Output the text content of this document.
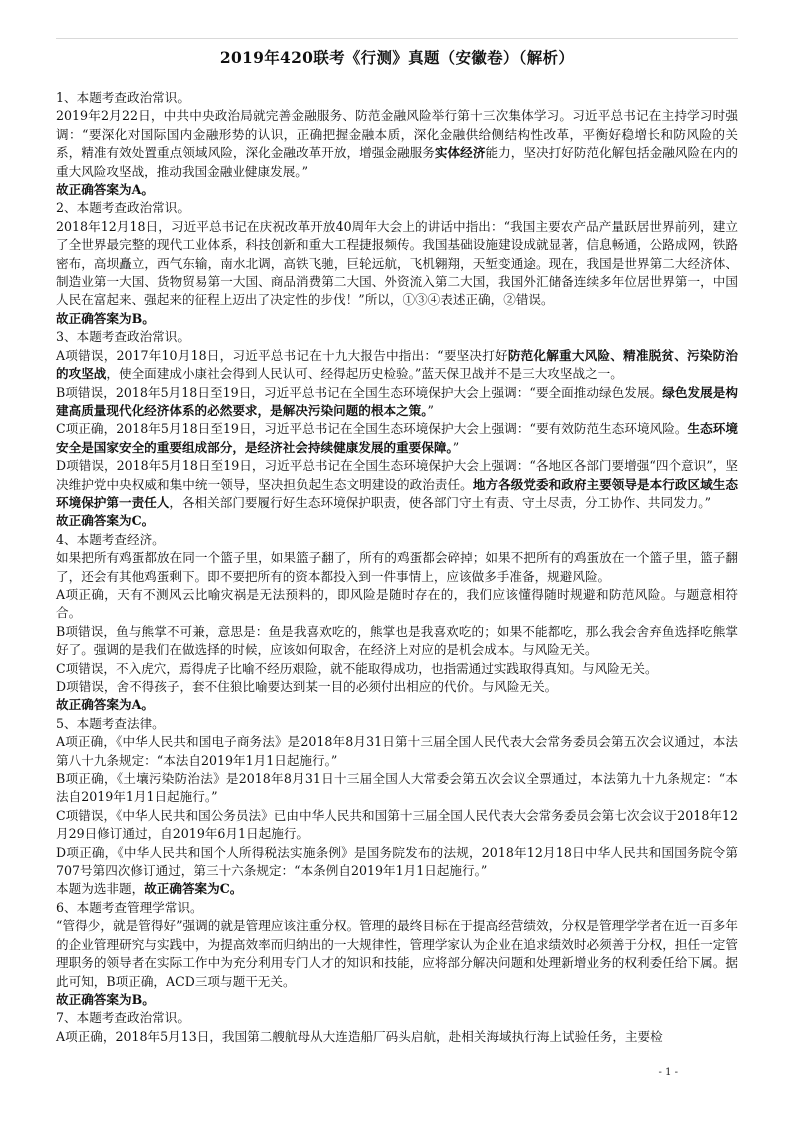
2019年420联考《行测》真题（安徽卷）（解析）

1、本题考查政治常识。

2019年2月22日，中共中央政治局就完善金融服务、防范金融风险举行第十三次集体学习。习近平总书记在主持学习时强调：“要深化对国际国内金融形势的认识，正确把握金融本质，深化金融供给侧结构性改革，平衡好稳增长和防风险的关系，精准有效处置重点领域风险，深化金融改革开放，增强金融服务实体经济能力，坚决打好防范化解包括金融风险在内的重大风险攻坚战，推动我国金融业健康发展。”

故正确答案为A。

2、本题考查政治常识。

2018年12月18日，习近平总书记在庆祝改革开放40周年大会上的讲话中指出：“我国主要农产品产量跃居世界前列，建立了全世界最完整的现代工业体系，科技创新和重大工程捷报频传。我国基础设施建设成就显著，信息畅通，公路成网，铁路密布，高坝矗立，西气东输，南水北调，高铁飞驰，巨轮远航，飞机翱翔，天堑变通途。现在，我国是世界第二大经济体、制造业第一大国、货物贸易第一大国、商品消费第二大国、外资流入第二大国，我国外汇储备连续多年位居世界第一，中国人民在富起来、强起来的征程上迈出了决定性的步伐！”所以，①③④表述正确，②错误。

故正确答案为B。

3、本题考查政治常识。

A项错误，2017年10月18日，习近平总书记在十九大报告中指出：“要坚决打好防范化解重大风险、精准脱贫、污染防治的攻坚战，使全面建成小康社会得到人民认可、经得起历史检验。”蓝天保卫战并不是三大攻坚战之一。

B项错误，2018年5月18日至19日，习近平总书记在全国生态环境保护大会上强调：“要全面推动绿色发展。绿色发展是构建高质量现代化经济体系的必然要求，是解决污染问题的根本之策。”

C项正确，2018年5月18日至19日，习近平总书记在全国生态环境保护大会上强调：“要有效防范生态环境风险。生态环境安全是国家安全的重要组成部分，是经济社会持续健康发展的重要保障。”

D项错误，2018年5月18日至19日，习近平总书记在全国生态环境保护大会上强调：“各地区各部门要增强“四个意识”，坚决维护党中央权威和集中统一领导，坚决担负起生态文明建设的政治责任。地方各级党委和政府主要领导是本行政区域生态环境保护第一责任人，各相关部门要履行好生态环境保护职责，使各部门守土有责、守土尽责，分工协作、共同发力。”

故正确答案为C。

4、本题考查经济。

如果把所有鸡蛋都放在同一个篮子里，如果篮子翻了，所有的鸡蛋都会碎掉；如果不把所有的鸡蛋放在一个篮子里，篮子翻了，还会有其他鸡蛋剩下。即不要把所有的资本都投入到一件事情上，应该做多手准备，规避风险。

A项正确，天有不测风云比喻灾祸是无法预料的，即风险是随时存在的，我们应该懂得随时规避和防范风险。与题意相符合。

B项错误，鱼与熊掌不可兼，意思是：鱼是我喜欢吃的，熊掌也是我喜欢吃的；如果不能都吃，那么我会舍弃鱼选择吃熊掌好了。强调的是我们在做选择的时候，应该如何取舍，在经济上对应的是机会成本。与风险无关。

C项错误，不入虎穴，焉得虎子比喻不经历艰险，就不能取得成功，也指需通过实践取得真知。与风险无关。

D项错误，舍不得孩子，套不住狼比喻要达到某一目的必须付出相应的代价。与风险无关。

故正确答案为A。

5、本题考查法律。

A项正确，《中华人民共和国电子商务法》是2018年8月31日第十三届全国人民代表大会常务委员会第五次会议通过，本法第八十九条规定：“本法自2019年1月1日起施行。”

B项正确，《土壤污染防治法》是2018年8月31日十三届全国人大常委会第五次会议全票通过，本法第九十九条规定：“本法自2019年1月1日起施行。”

C项错误，《中华人民共和国公务员法》已由中华人民共和国第十三届全国人民代表大会常务委员会第七次会议于2018年12月29日修订通过，自2019年6月1日起施行。

D项正确，《中华人民共和国个人所得税法实施条例》是国务院发布的法规，2018年12月18日中华人民共和国国务院令第707号第四次修订通过，第三十六条规定：“本条例自2019年1月1日起施行。”

本题为选非题，故正确答案为C。

6、本题考查管理学常识。

“管得少，就是管得好”强调的就是管理应该注重分权。管理的最终目标在于提高经营绩效，分权是管理学学者在近一百多年的企业管理研究与实践中，为提高效率而归纳出的一大规律性，管理学家认为企业在追求绩效时必须善于分权，担任一定管理职务的领导者在实际工作中为充分利用专门人才的知识和技能，应将部分解决问题和处理新增业务的权利委任给下属。据此可知，B项正确，ACD三项与题干无关。

故正确答案为B。

7、本题考查政治常识。

A项正确，2018年5月13日，我国第二艘航母从大连造船厂码头启航，赴相关海域执行海上试验任务，主要检

- 1 -
